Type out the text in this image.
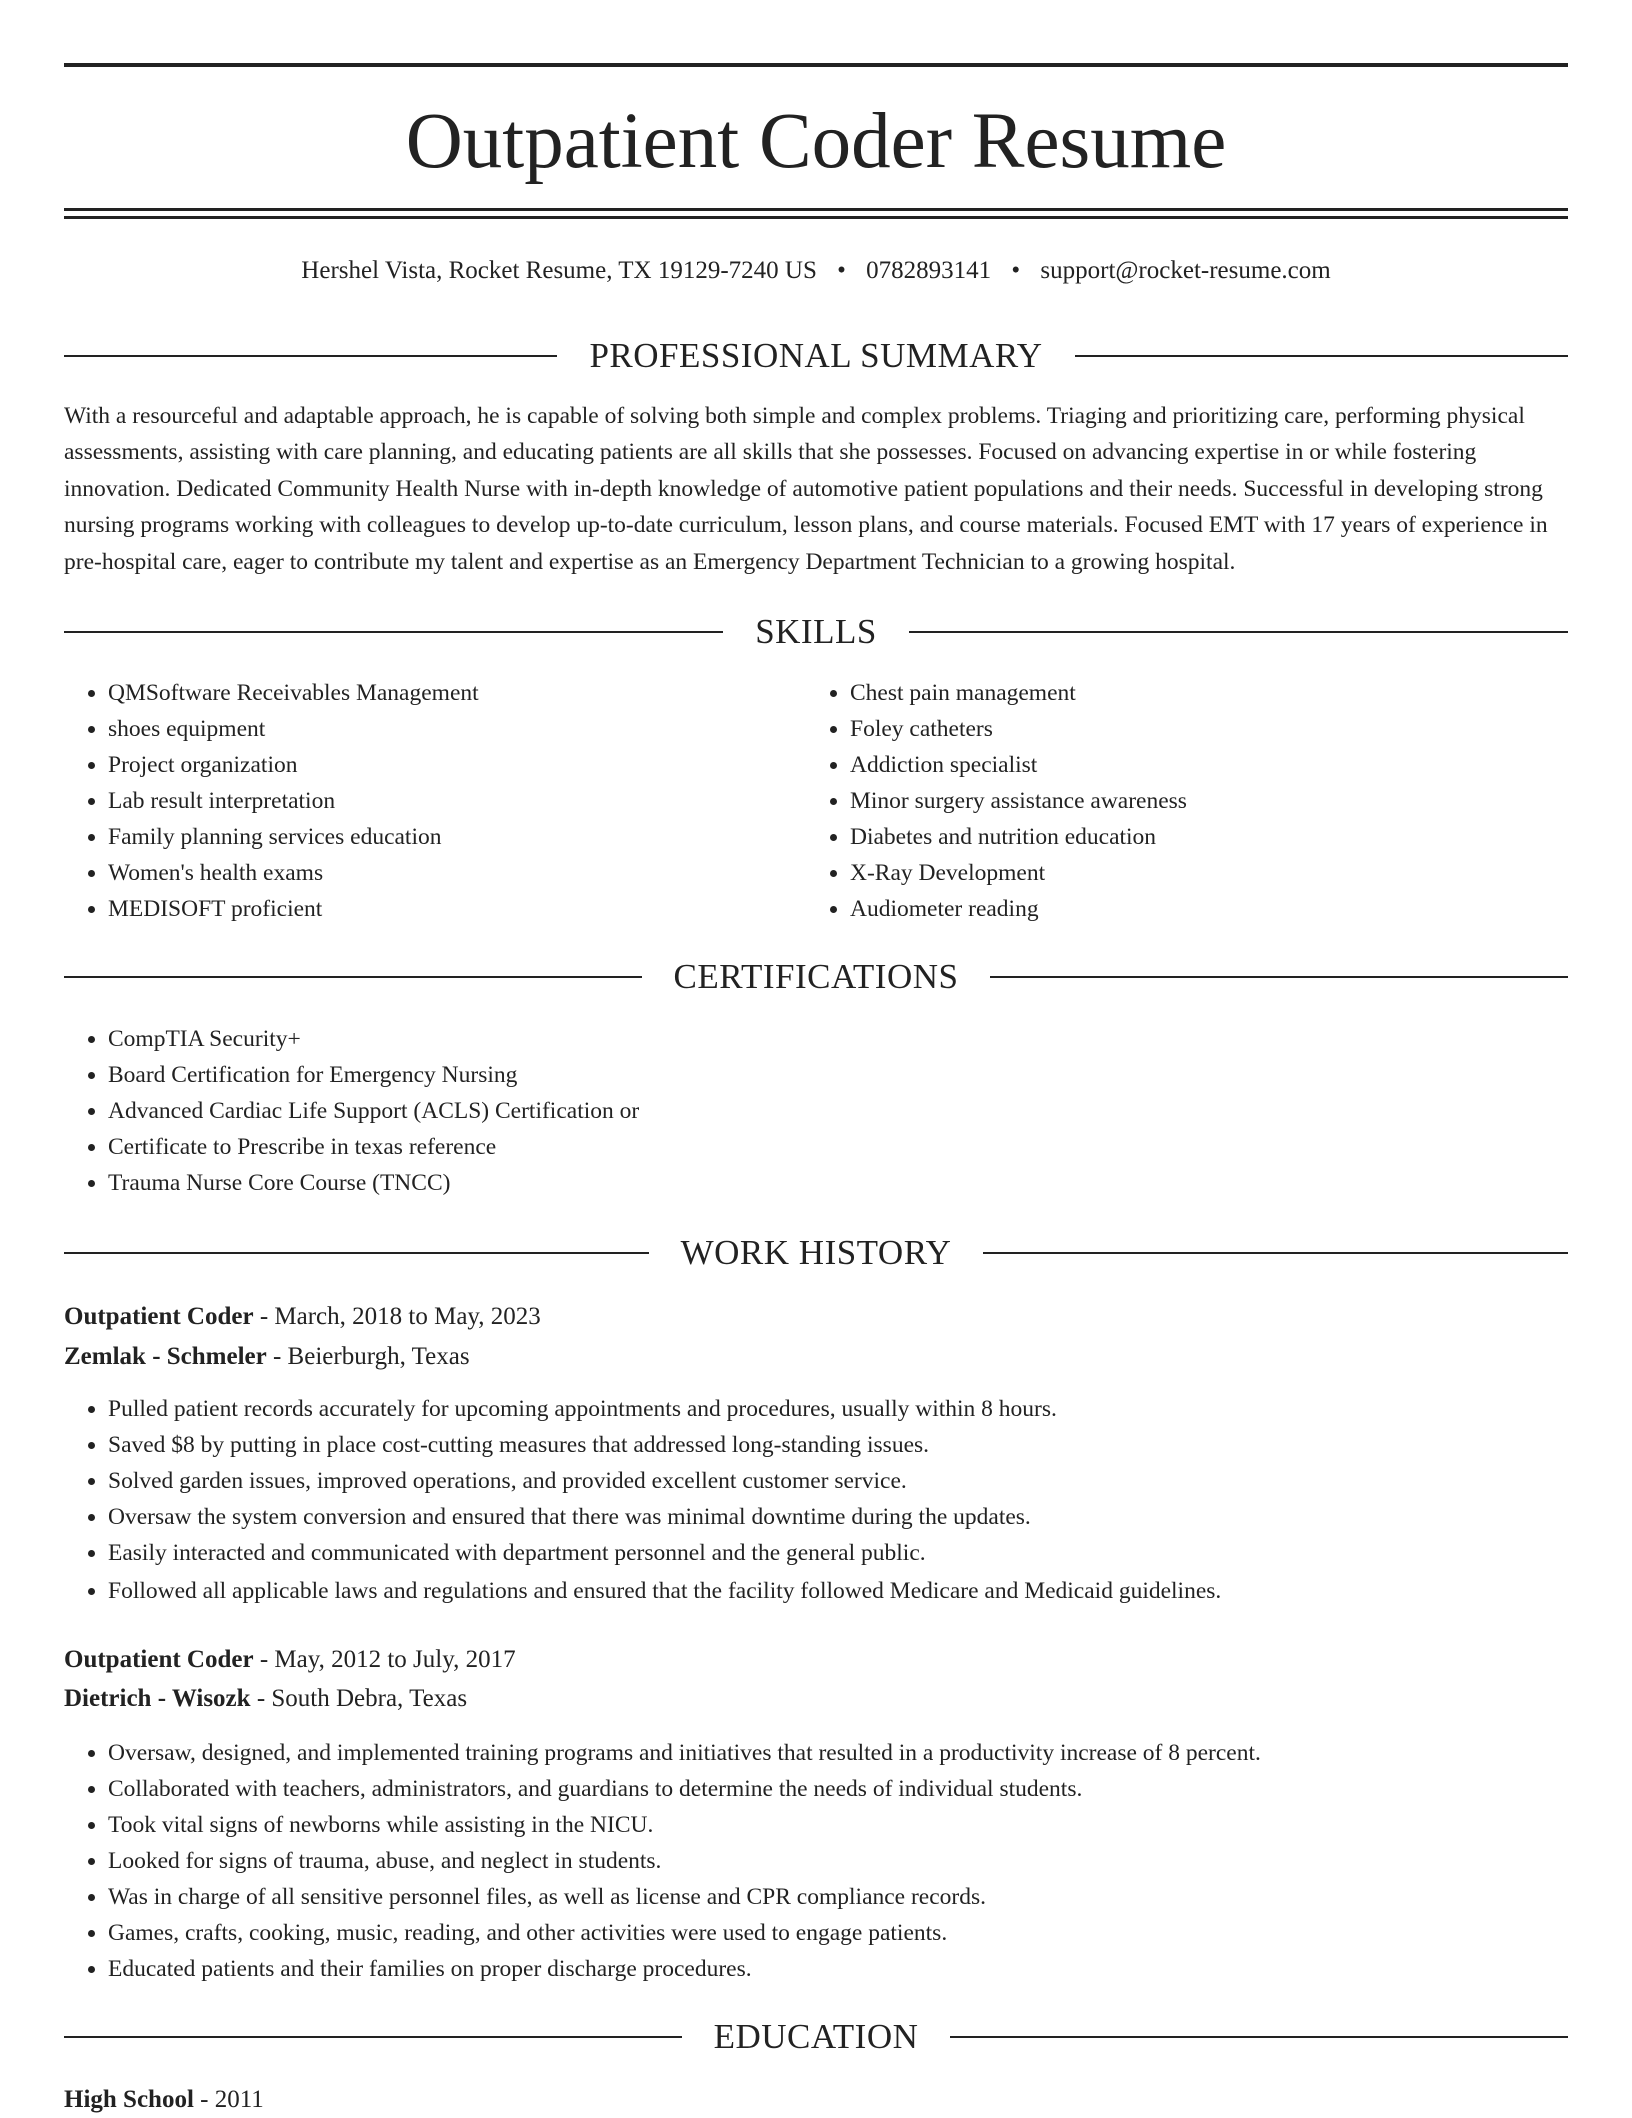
Outpatient Coder Resume
Hershel Vista, Rocket Resume, TX 19129-7240 US • 0782893141 • support@rocket-resume.com
PROFESSIONAL SUMMARY

With a resourceful and adaptable approach, he is capable of solving both simple and complex problems. Triaging and prioritizing care, performing physical assessments, assisting with care planning, and educating patients are all skills that she possesses. Focused on advancing expertise in or while fostering innovation. Dedicated Community Health Nurse with in-depth knowledge of automotive patient populations and their needs. Successful in developing strong nursing programs working with colleagues to develop up-to-date curriculum, lesson plans, and course materials. Focused EMT with 17 years of experience in pre-hospital care, eager to contribute my talent and expertise as an Emergency Department Technician to a growing hospital.

SKILLS
• QMSoftware Receivables Management
• shoes equipment
• Project organization
• Lab result interpretation
• Family planning services education
• Women's health exams
• MEDISOFT proficient
• Chest pain management
• Foley catheters
• Addiction specialist
• Minor surgery assistance awareness
• Diabetes and nutrition education
• X-Ray Development
• Audiometer reading
CERTIFICATIONS
• CompTIA Security+
• Board Certification for Emergency Nursing
• Advanced Cardiac Life Support (ACLS) Certification or
• Certificate to Prescribe in texas reference
• Trauma Nurse Core Course (TNCC)
WORK HISTORY
Outpatient Coder - March, 2018 to May, 2023
Zemlak - Schmeler - Beierburgh, Texas
• Pulled patient records accurately for upcoming appointments and procedures, usually within 8 hours.
• Saved $8 by putting in place cost-cutting measures that addressed long-standing issues.
• Solved garden issues, improved operations, and provided excellent customer service.
• Oversaw the system conversion and ensured that there was minimal downtime during the updates.
• Easily interacted and communicated with department personnel and the general public.
• Followed all applicable laws and regulations and ensured that the facility followed Medicare and Medicaid guidelines.
Outpatient Coder - May, 2012 to July, 2017
Dietrich - Wisozk - South Debra, Texas
• Oversaw, designed, and implemented training programs and initiatives that resulted in a productivity increase of 8 percent.
• Collaborated with teachers, administrators, and guardians to determine the needs of individual students.
• Took vital signs of newborns while assisting in the NICU.
• Looked for signs of trauma, abuse, and neglect in students.
• Was in charge of all sensitive personnel files, as well as license and CPR compliance records.
• Games, crafts, cooking, music, reading, and other activities were used to engage patients.
• Educated patients and their families on proper discharge procedures.
EDUCATION
High School - 2011
